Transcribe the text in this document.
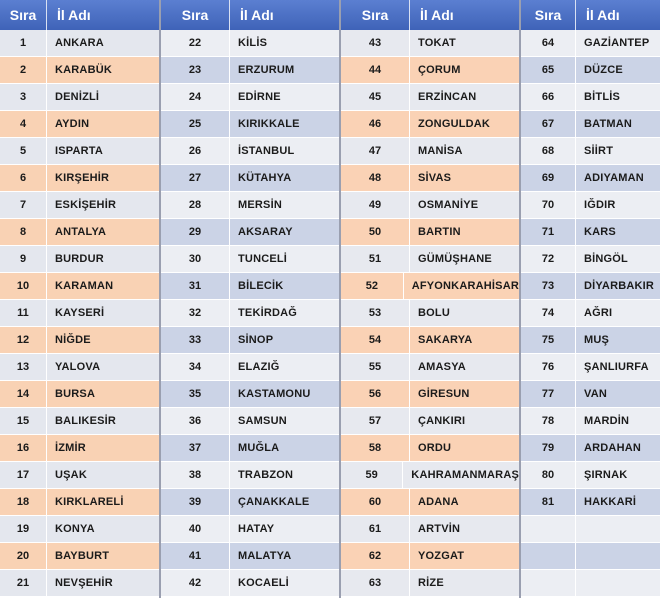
Sıra	İl Adı
1	ANKARA
2	KARABÜK
3	DENİZLİ
4	AYDIN
5	ISPARTA
6	KIRŞEHİR
7	ESKİŞEHİR
8	ANTALYA
9	BURDUR
10	KARAMAN
11	KAYSERİ
12	NİĞDE
13	YALOVA
14	BURSA
15	BALIKESİR
16	İZMİR
17	UŞAK
18	KIRKLARELİ
19	KONYA
20	BAYBURT
21	NEVŞEHİR
Sıra	İl Adı
22	KİLİS
23	ERZURUM
24	EDİRNE
25	KIRIKKALE
26	İSTANBUL
27	KÜTAHYA
28	MERSİN
29	AKSARAY
30	TUNCELİ
31	BİLECİK
32	TEKİRDAĞ
33	SİNOP
34	ELAZIĞ
35	KASTAMONU
36	SAMSUN
37	MUĞLA
38	TRABZON
39	ÇANAKKALE
40	HATAY
41	MALATYA
42	KOCAELİ
Sıra	İl Adı
43	TOKAT
44	ÇORUM
45	ERZİNCAN
46	ZONGULDAK
47	MANİSA
48	SİVAS
49	OSMANİYE
50	BARTIN
51	GÜMÜŞHANE
52	AFYONKARAHİSAR
53	BOLU
54	SAKARYA
55	AMASYA
56	GİRESUN
57	ÇANKIRI
58	ORDU
59	KAHRAMANMARAŞ
60	ADANA
61	ARTVİN
62	YOZGAT
63	RİZE
Sıra	İl Adı
64	GAZİANTEP
65	DÜZCE
66	BİTLİS
67	BATMAN
68	SİİRT
69	ADIYAMAN
70	IĞDIR
71	KARS
72	BİNGÖL
73	DİYARBAKIR
74	AĞRI
75	MUŞ
76	ŞANLIURFA
77	VAN
78	MARDİN
79	ARDAHAN
80	ŞIRNAK
81	HAKKARİ
